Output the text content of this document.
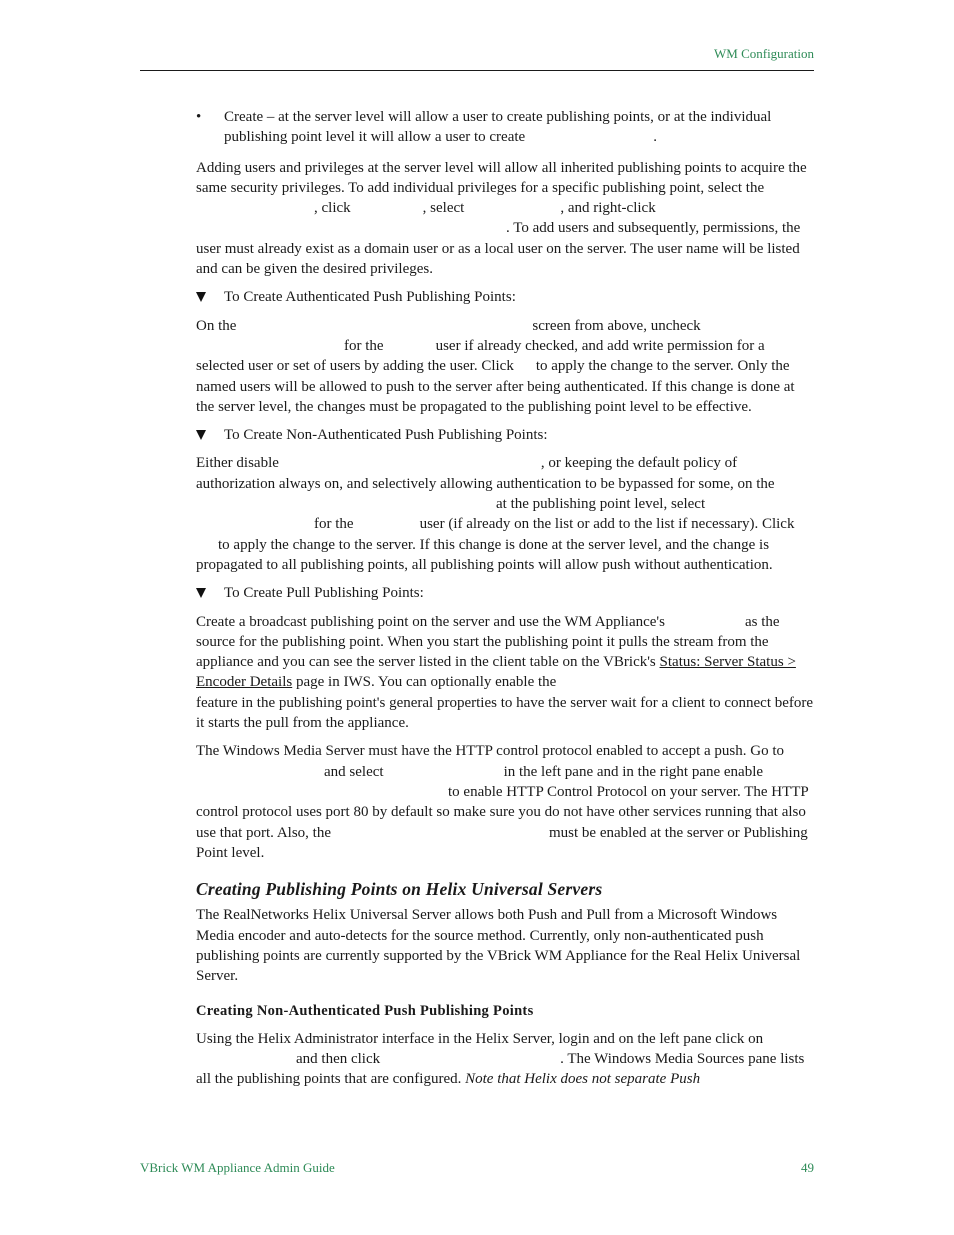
WM Configuration
•	Create – at the server level will allow a user to create publishing points, or at the individual publishing point level it will allow a user to create	.

Adding users and privileges at the server level will allow all inherited publishing points to acquire the same security privileges. To add individual privileges for a specific publishing point, select the, click	, select	, and right-click. To add users and subsequently, permissions, the user must already exist as a domain user or as a local user on the server. The user name will be listed and can be given the desired privileges.

To Create Authenticated Push Publishing Points:

On the	screen from above, uncheckfor the	user if already checked, and add write permission for a selected user or set of users by adding the user. Click to apply the change to the server. Only the named users will be allowed to push to the server after being authenticated. If this change is done at the server level, the changes must be propagated to the publishing point level to be effective.

To Create Non-Authenticated Push Publishing Points:

Either disable	, or keeping the default policy of authorization always on, and selectively allowing authentication to be bypassed for some, on theat the publishing point level, selectfor the	user (if already on the list or add to the list if necessary). Clickto apply the change to the server. If this change is done at the server level, and the change is propagated to all publishing points, all publishing points will allow push without authentication.

To Create Pull Publishing Points:

Create a broadcast publishing point on the server and use the WM Appliance's	as the source for the publishing point. When you start the publishing point it pulls the stream from the appliance and you can see the server listed in the client table on the VBrick's Status: Server Status > Encoder Details page in IWS. You can optionally enable thefeature in the publishing point's general properties to have the server wait for a client to connect before it starts the pull from the appliance.

The Windows Media Server must have the HTTP control protocol enabled to accept a push. Go toand select	in the left pane and in the right pane enableto enable HTTP Control Protocol on your server. The HTTP control protocol uses port 80 by default so make sure you do not have other services running that also use that port. Also, the	must be enabled at the server or Publishing Point level.

Creating Publishing Points on Helix Universal Servers

The RealNetworks Helix Universal Server allows both Push and Pull from a Microsoft Windows Media encoder and auto-detects for the source method. Currently, only non-authenticated push publishing points are currently supported by the VBrick WM Appliance for the Real Helix Universal Server.

Creating Non-Authenticated Push Publishing Points

Using the Helix Administrator interface in the Helix Server, login and on the left pane click onand then click	. The Windows Media Sources pane lists all the publishing points that are configured. Note that Helix does not separate Push

VBrick WM Appliance Admin Guide	49
